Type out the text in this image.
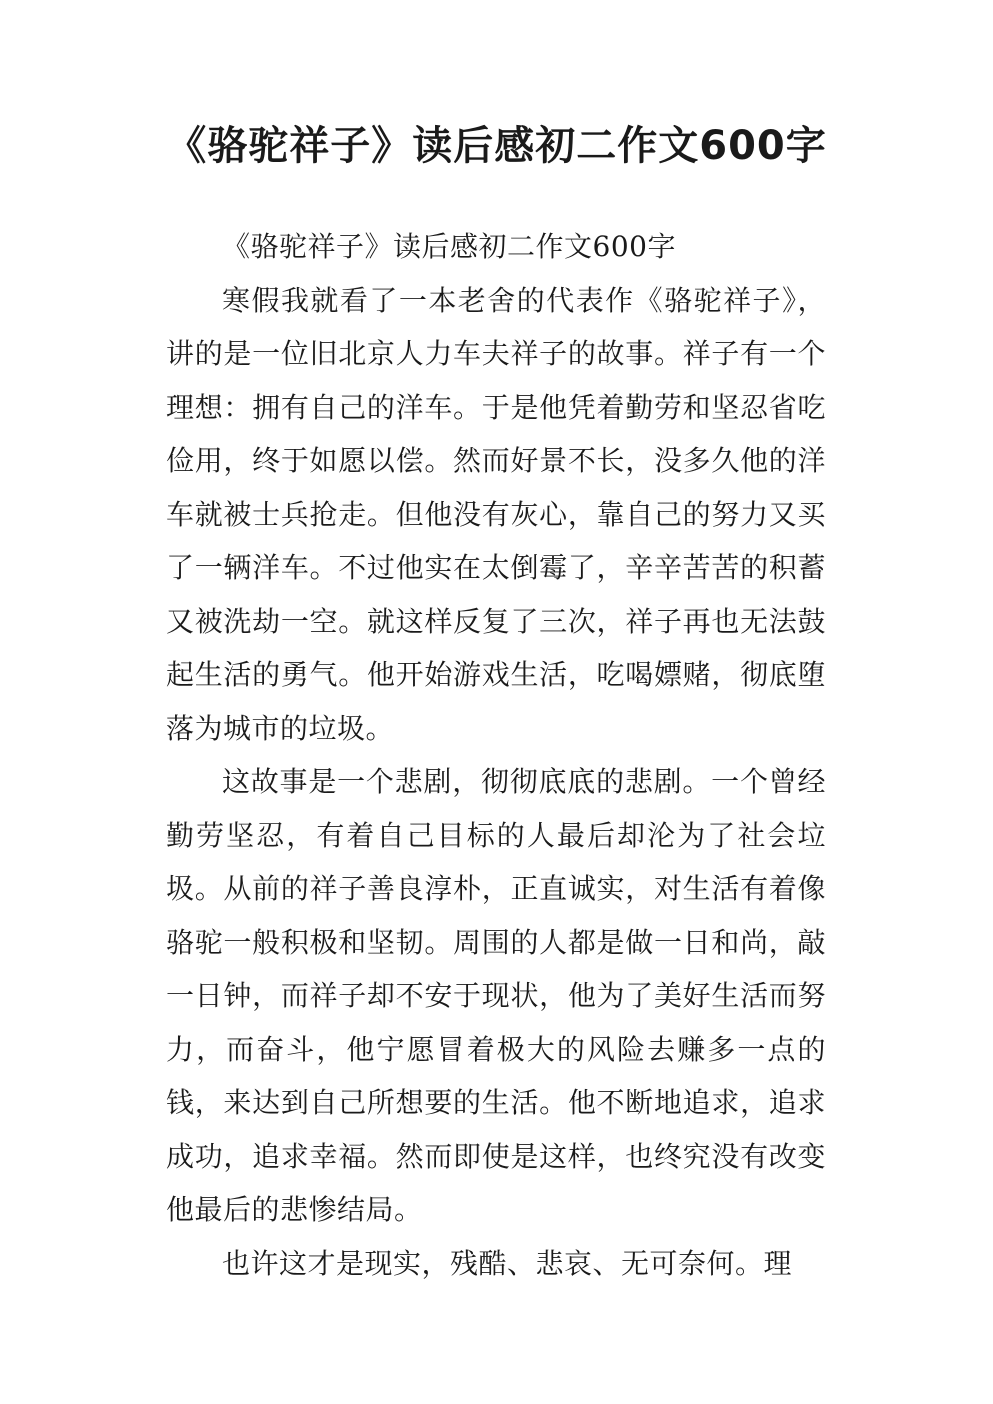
《骆驼祥子》读后感初二作文600字

《骆驼祥子》读后感初二作文600字

寒假我就看了一本老舍的代表作《骆驼祥子》，讲的是一位旧北京人力车夫祥子的故事。祥子有一个理想：拥有自己的洋车。于是他凭着勤劳和坚忍省吃俭用，终于如愿以偿。然而好景不长，没多久他的洋车就被士兵抢走。但他没有灰心，靠自己的努力又买了一辆洋车。不过他实在太倒霉了，辛辛苦苦的积蓄又被洗劫一空。就这样反复了三次，祥子再也无法鼓起生活的勇气。他开始游戏生活，吃喝嫖赌，彻底堕落为城市的垃圾。

这故事是一个悲剧，彻彻底底的悲剧。一个曾经勤劳坚忍，有着自己目标的人最后却沦为了社会垃圾。从前的祥子善良淳朴，正直诚实，对生活有着像骆驼一般积极和坚韧。周围的人都是做一日和尚，敲一日钟，而祥子却不安于现状，他为了美好生活而努力，而奋斗，他宁愿冒着极大的风险去赚多一点的钱，来达到自己所想要的生活。他不断地追求，追求成功，追求幸福。然而即使是这样，也终究没有改变他最后的悲惨结局。

也许这才是现实，残酷、悲哀、无可奈何。理
